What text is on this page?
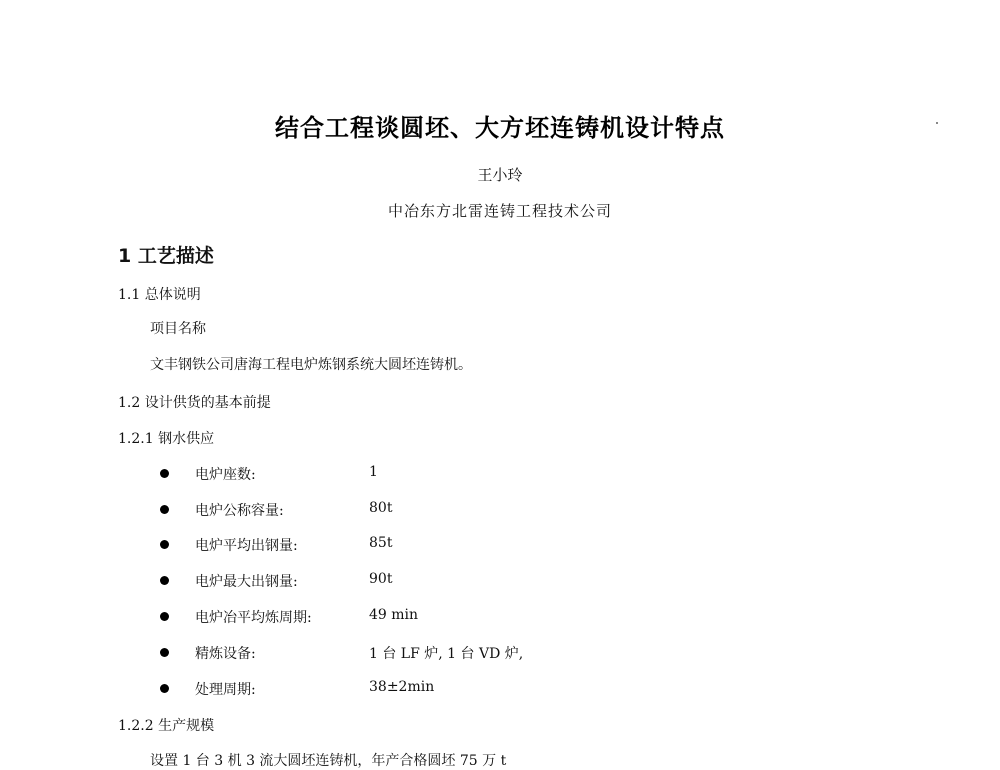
结合工程谈圆坯、大方坯连铸机设计特点
王小玲
中冶东方北雷连铸工程技术公司
1 工艺描述
1.1 总体说明
项目名称
文丰钢铁公司唐海工程电炉炼钢系统大圆坯连铸机。
1.2 设计供货的基本前提
1.2.1 钢水供应
电炉座数:	1
电炉公称容量:	80t
电炉平均出钢量:	85t
电炉最大出钢量:	90t
电炉冶平均炼周期:	49 min
精炼设备:	1 台 LF 炉, 1 台 VD 炉,
处理周期:	38±2min
1.2.2 生产规模
设置 1 台 3 机 3 流大圆坯连铸机，年产合格圆坯 75 万 t
